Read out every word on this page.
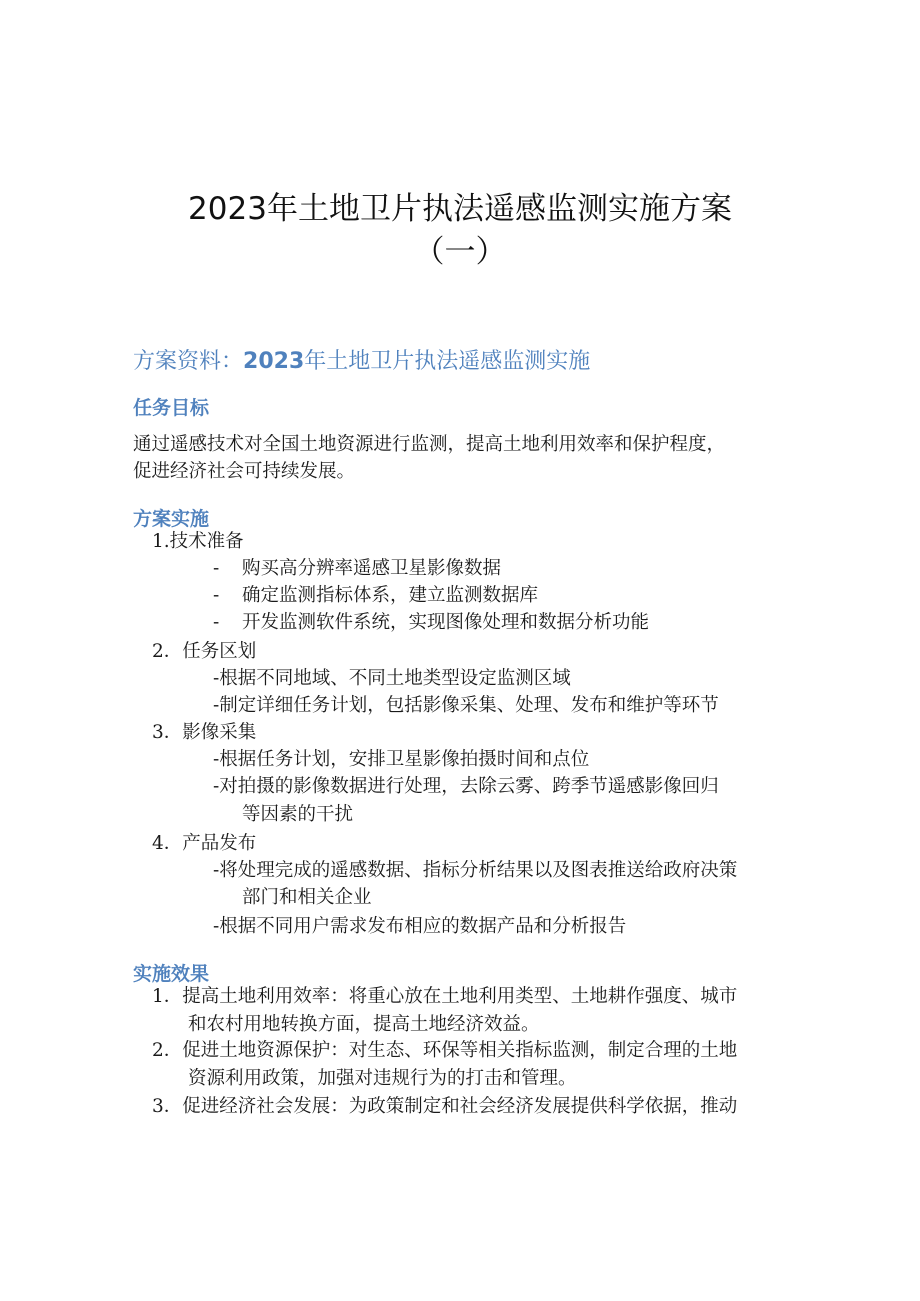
2023年土地卫片执法遥感监测实施方案
（一）
方案资料：2023年土地卫片执法遥感监测实施
任务目标
通过遥感技术对全国土地资源进行监测，提高土地利用效率和保护程度，
促进经济社会可持续发展。
方案实施
1.技术准备
- 购买高分辨率遥感卫星影像数据
- 确定监测指标体系，建立监测数据库
- 开发监测软件系统，实现图像处理和数据分析功能
2．任务区划
-根据不同地域、不同土地类型设定监测区域
-制定详细任务计划，包括影像采集、处理、发布和维护等环节
3．影像采集
-根据任务计划，安排卫星影像拍摄时间和点位
-对拍摄的影像数据进行处理，去除云雾、跨季节遥感影像回归
等因素的干扰
4．产品发布
-将处理完成的遥感数据、指标分析结果以及图表推送给政府决策
部门和相关企业
-根据不同用户需求发布相应的数据产品和分析报告
实施效果
1．提高土地利用效率：将重心放在土地利用类型、土地耕作强度、城市
和农村用地转换方面，提高土地经济效益。
2．促进土地资源保护：对生态、环保等相关指标监测，制定合理的土地
资源利用政策，加强对违规行为的打击和管理。
3．促进经济社会发展：为政策制定和社会经济发展提供科学依据，推动
